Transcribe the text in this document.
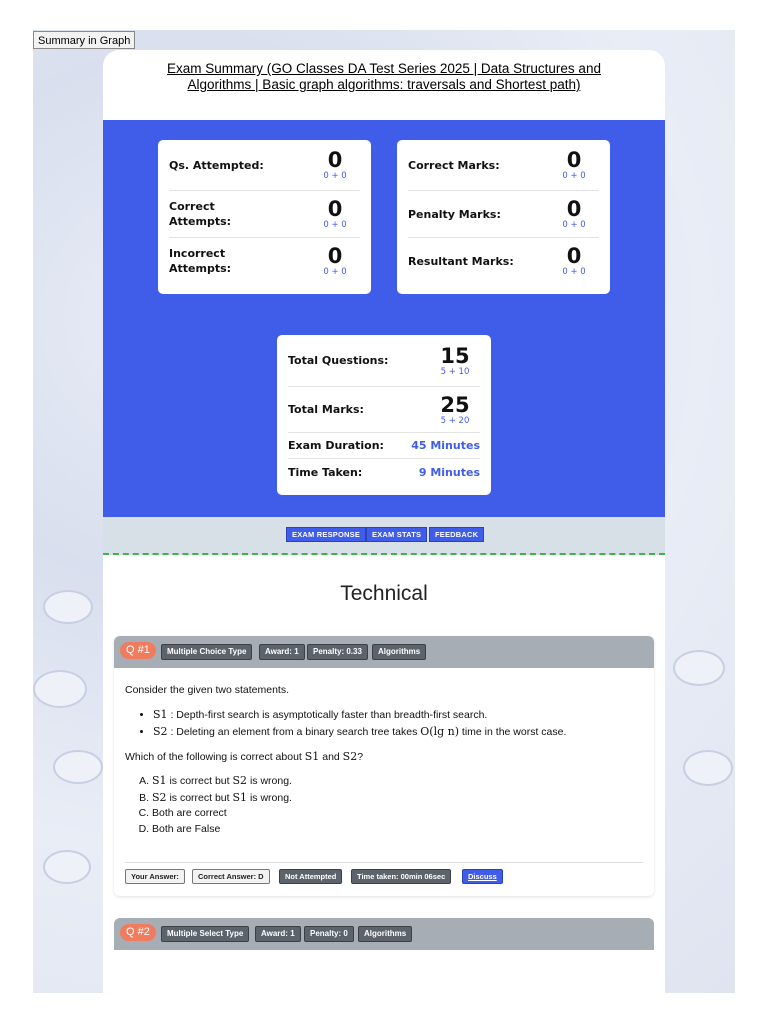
Summary in Graph
Exam Summary (GO Classes DA Test Series 2025 | Data Structures and Algorithms | Basic graph algorithms: traversals and Shortest path)
Qs. Attempted:	0
0 + 0
Correct Attempts:
0
0 + 0
Incorrect Attempts:
0
0 + 0
Correct Marks:	0
0 + 0
Penalty Marks:	0
0 + 0
Resultant Marks:	0
0 + 0
Total Questions:	15
5 + 10
Total Marks:	25
5 + 20
Exam Duration: 45 Minutes
Time Taken:	9 Minutes
EXAM RESPONSE	EXAM STATS	FEEDBACK
Technical
Q #1	Multiple Choice Type	Award: 1	Penalty: 0.33	Algorithms

Consider the given two statements.

• S1 : Depth-first search is asymptotically faster than breadth-first search.
• S2 : Deleting an element from a binary search tree takes O(lg n) time in the worst case.

Which of the following is correct about S1 and S2?

A. S1 is correct but S2 is wrong.
B. S2 is correct but S1 is wrong.
C. Both are correct
D. Both are False
Your Answer:	Correct Answer: D	Not Attempted	Time taken: 00min 06sec	Discuss
Q #2	Multiple Select Type	Award: 1	Penalty: 0	Algorithms
